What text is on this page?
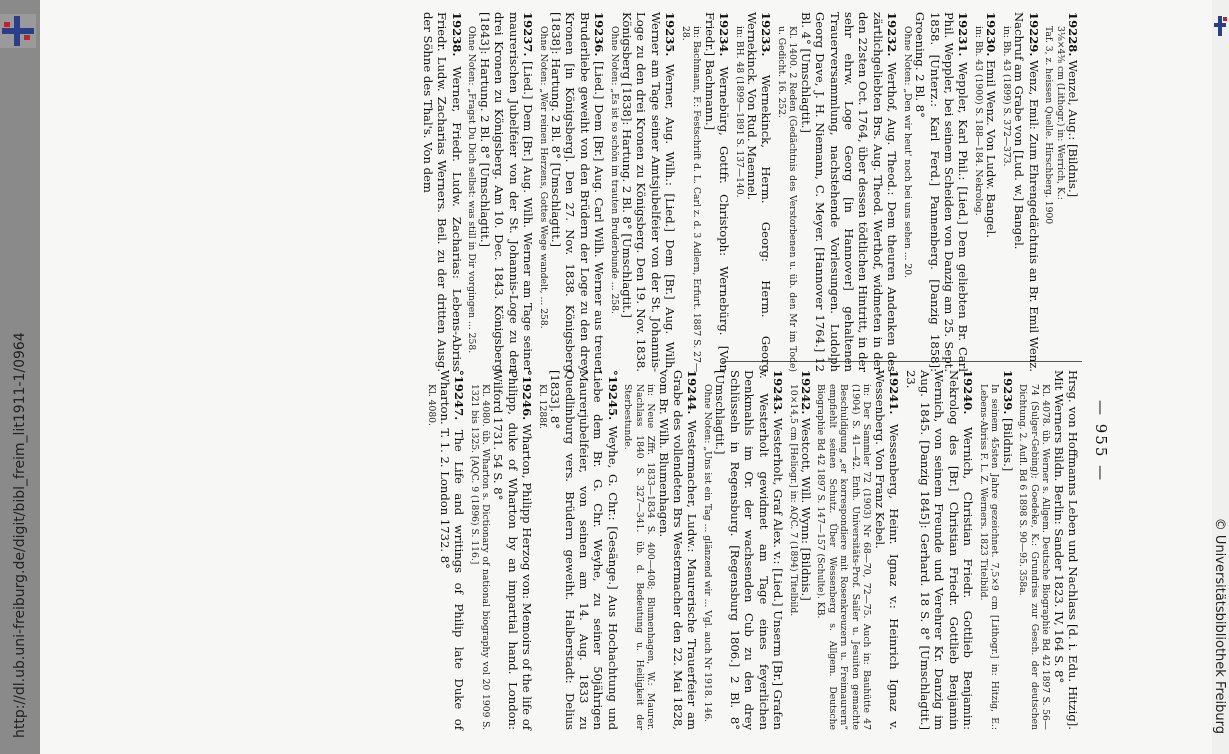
http://dl.ub.uni-freiburg.de/digit/bibl_freim_lit1911-1/0964	© Universitätsbibliothek Freiburg
— 955 —
19228. Wenzel, Aug.: [Bildnis.]
3⅛×4⅜ cm (Lithogr.) in: Werrich, K.:
Taf. 3, z. heissen Quelle. Hirschberg. 1900
19229. Wenz, Emil: Zum Ehrengedächtnis an Br. Emil Wenz. Nachruf am Grabe von [Lud. w.] Bangel.
in: Bh. 43 (1899) S. 372—373.
19230. Emil Wenz. Von Ludw. Bangel.
in: Bh. 43 (1900) S. 188—184. Nekrolog.
19231. Weppler, Karl Phil.: [Lied.] Dem geliebten Br. Carl Phil. Weppler, bei seinem Scheiden von Danzig am 25. Sept. 1858. [Unterz.: Karl Ferd.] Pannenberg. [Danzig 1858]: Groening. 2 Bl. 8°
Ohne Noten: „Den wir heut' noch bei uns sehen ... 20.
19232. Werthof, Aug. Theod.: Dem theuren Andenken des zärtlichgeliebten Brs. Aug. Theod. Werthof, widmeten in der den 22sten Oct. 1764, über dessen tödtlichen Hintritt, in der sehr ehrw. Loge Georg [in Hannover] gehaltenen Trauerversammlung, nachstehende Vorlesungen. Ludolph Georg Dave, J. H. Niemann, C. Meyer. [Hannover 1764.] 12 Bl. 4° [Umschlagtit.]
Kl. 1400. 2 Reden (Gedächtnis des Verstorbenen u. üb. den Mr im Tode) u. Gedicht. 16. 252.
19233. Wernekinck, Herm. Georg: Herm. Georg Wernekinck. Von Rud. Maennel.
in: BH. 48 (1899—1891 S. 137—140.
19234. Wernebürg, Gottfr. Christoph: Wernebürg. [Von Friedr.] Bachmann.]
in: Bachmann, F.: Festschrift d. L. Carl z. d. 3 Adlern, Erfurt. 1887 S. 27—28.
19235. Werner, Aug. Wilh.: [Lied.] Dem [Br.] Aug. Wilh. Werner am Tage seiner Amtsjubelfeier von der St. Johannis-Loge zu den drei Kronen zu Königsberg. Den 19. Nov. 1838. Königsberg [1838]: Hartung. 2 Bl. 8° [Umschlagtit.]
Ohne Noten: „Es ist so schön im trauten Bruderbunde ... 258.
19236. [Lied.] Dem [Br.] Aug. Carl Wilh. Werner aus treuer Bruderliebe geweiht von den Brüdern der Loge zu den drey Kronen [in Königsberg]. Den 27. Nov. 1838. Königsberg [1838]: Hartung. 2 Bl. 8° [Umschlagtit.]
Ohne Noten: „Wer reinen Herzens, Gottes Wege wandelt, ... 258.
19237. [Lied.] Dem [Br.] Aug. Wilh. Werner am Tage seiner maurerischen Jubelfeier von der St. Johannis-Loge zu den drei Kronen zu Königsberg. Am 10. Dec. 1843. Königsberg [1843]: Hartung. 2 Bl. 8° [Umschlagtit.]
Ohne Noten: „Fragst Du Dich selbst: was still in Dir vorgingen ... 258.
19238. Werner, Friedr. Ludw. Zacharias: Lebens-Abriss Friedr. Ludw. Zacharias Werners. Beil. zu der dritten Ausg. der Söhne des Thal's. Von dem
Hrsg. von Hoffmanns Leben und Nachlass [d. i. Edu. Hitzig]. Mit Werners Bildn. Berlin: Sander 1823. IV, 164 S. 8°
Kl. 4078. üb. Werner s. Allgem. Deutsche Biographie Bd 42 1897 S. 56—74 (Sulger-Gebing); Goedeke, K.: Grundriss zur Gesch. der deutschen Dichtung. 2. Aufl. Bd 6 1898 S. 90—95. 358a.
19239. [Bildnis.]
In seinem 45sten Jahre gezeichnet. 7,5×9 cm [Lithogr.] in: Hitzig, E.: Lebens-Abriss F. L. Z. Werners. 1823 Titelbild.
19240. Wernich, Christian Friedr. Gottlieb Benjamin: Nekrolog des [Br.] Christian Friedr. Gottlieb Benjamin Wernich, von seinem Freunde und Verehrer Kr. Danzig im Aug. 1845. [Danzig 1845]: Gerhard. 18 S. 8° [Umschlagtit.] 23.
19241. Wessenberg, Heinr. Ignaz v.: Heinrich Ignaz v. Wessenberg. Von Franz Kebel.
in: Der Sammler 72 (1903) Nr 68—70, 72—75. Auch in: Bauhütte 47 (1904) S. 41—42. Enth. Universitäts-Prof. Sailer u. Jesuiten gemachte Beschuldigung „er korrespondiere mit Rosenkreuzern u. Freimaurern“ empfiehlt seinen Schutz. Über Wessenberg s. Allgem. Deutsche Biographie Bd 42 1897 S. 147—157 (Schulte). KB.
19242. Westcott, Will. Wynn: [Bildnis.]
10×14,5 cm [Heliogr.] in: AQC. 7 (1894) Titelbild.
19243. Westerholt, Graf Alex. v.: [Lied.] Unserm [Br.] Grafen v. Westerholt gewidmet am Tage eines feyerlichen Denkmahls im Or. der wachsenden Cub zu den drey Schlüsseln in Regensburg. [Regensburg 1806.] 2 Bl. 8° [Umschlagtit.]
Ohne Noten: „Uns ist ein Tag ... glänzend wir ... Vgl. auch Nr 1918. 146.
19244. Westermacher, Ludw.: Maurerische Trauerfeier am Grabe des vollendeten Brs Westermacher den 22. Mai 1828, vom Br. Wilh. Blumenhagen.
in: Neue Zffr. 1833—1834 S. 400—408; Blumenhagen, W.: Maurer. Nachlass 1840 S. 327—341. üb. d. Bedeutung u. Heiligkeit der Sterbestunde.
°19245. Weyhe, G. Chr.: [Gesänge.] Aus Hochachtung und Liebe dem Br. G. Chr. Weyhe, zu seiner 50jährigen Maurerjubelfeier, von seinen am 14. Aug. 1833 zu Quedlinburg vers. Brüdern geweiht. Halberstadt: Delius [1833]. 8°
Kl. 1288f.
°19246. Wharton, Philipp Herzog von: Memoirs of the life of Philipp, duke of Wharton by an impartial hand. London: Wilford 1731. 54 S. 8°
Kl. 4080. üb. Wharton s. Dictionary of national biography vol 20 1909 S. 1321 bis 1325. [AQC. 9 (1896) S. 116.]
°19247. The Life and writings of Philip late Duke of Wharton. T. 1. 2. London 1732. 8°
Kl. 4080.
